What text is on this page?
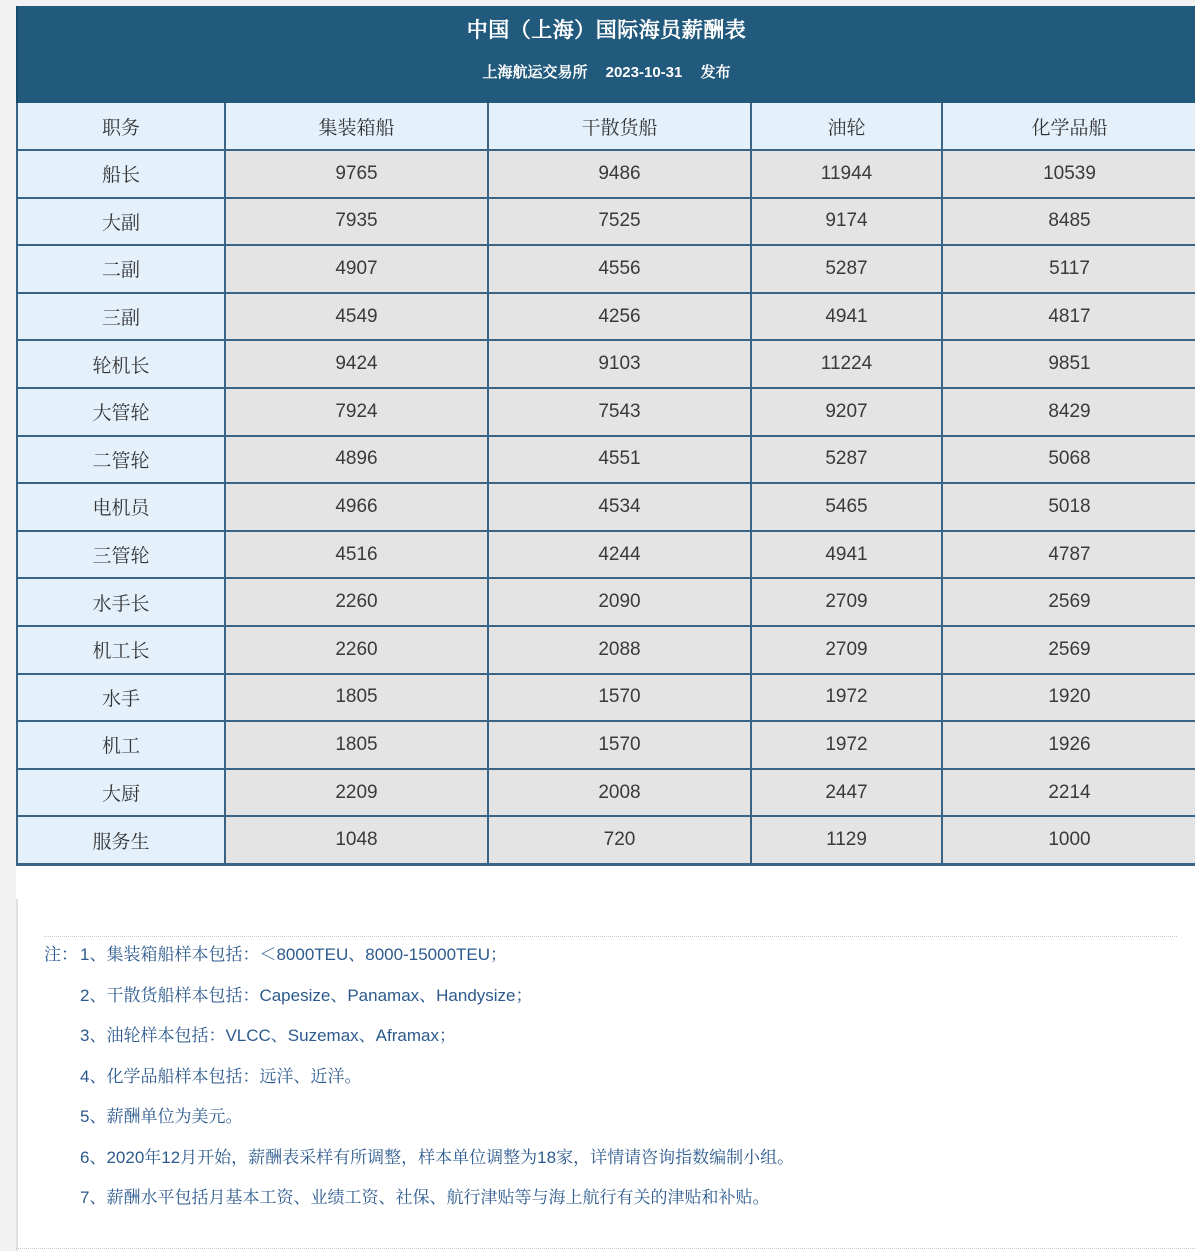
中国（上海）国际海员薪酬表
上海航运交易所 2023-10-31 发布
职务	集装箱船	干散货船	油轮	化学品船
船长	9765	9486	11944	10539
大副	7935	7525	9174	8485
二副	4907	4556	5287	5117
三副	4549	4256	4941	4817
轮机长	9424	9103	11224	9851
大管轮	7924	7543	9207	8429
二管轮	4896	4551	5287	5068
电机员	4966	4534	5465	5018
三管轮	4516	4244	4941	4787
水手长	2260	2090	2709	2569
机工长	2260	2088	2709	2569
水手	1805	1570	1972	1920
机工	1805	1570	1972	1926
大厨	2209	2008	2447	2214
服务生	1048	720	1129	1000
注： 1、集装箱船样本包括：＜8000TEU、8000-15000TEU；
2、干散货船样本包括：Capesize、Panamax、Handysize；
3、油轮样本包括：VLCC、Suzemax、Aframax；
4、化学品船样本包括：远洋、近洋。
5、薪酬单位为美元。
6、2020年12月开始，薪酬表采样有所调整，样本单位调整为18家，详情请咨询指数编制小组。
7、薪酬水平包括月基本工资、业绩工资、社保、航行津贴等与海上航行有关的津贴和补贴。
